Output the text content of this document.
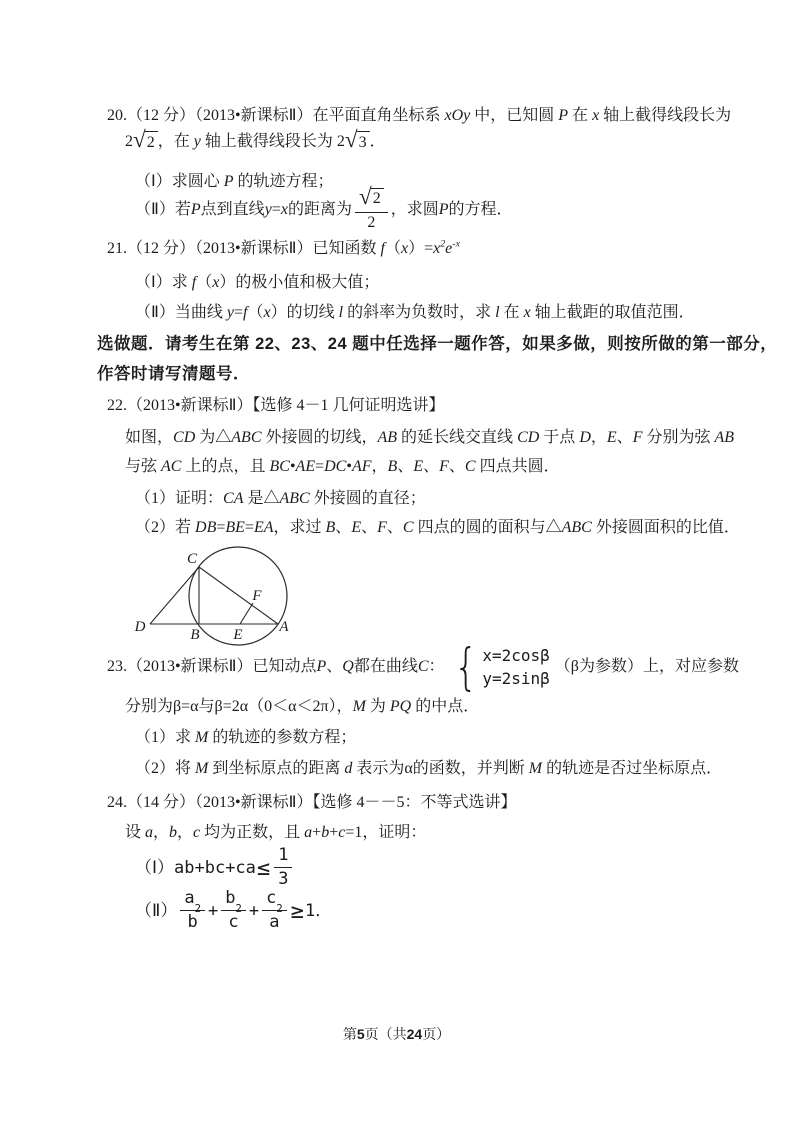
20.（12 分）（2013•新课标Ⅱ）在平面直角坐标系 xOy 中，已知圆 P 在 x 轴上截得线段长为
2 √ 2 ，在 y 轴上截得线段长为 2 √ 3 ．
（Ⅰ）求圆心 P 的轨迹方程；
（Ⅱ）若 P 点到直线 y = x 的距离为 $\frac{√ 2}{2}$ ，求圆 P 的方程．
21.（12 分）（2013•新课标Ⅱ）已知函数 $f(x)=x^2e^{-x}$
（Ⅰ）求 f（x）的极小值和极大值；
（Ⅱ）当曲线 y=f（x）的切线 l 的斜率为负数时，求 l 在 x 轴上截距的取值范围．
选做题．请考生在第 22、23、24 题中任选择一题作答，如果多做，则按所做的第一部分，
作答时请写清题号．
22.（2013•新课标Ⅱ）【选修 4－1 几何证明选讲】
如图，CD 为△ABC 外接圆的切线，AB 的延长线交直线 CD 于点 D，E、F 分别为弦 AB
与弦 AC 上的点，且 BC•AE=DC•AF，B、E、F、C 四点共圆．
（1）证明：CA 是△ABC 外接圆的直径；
（2）若 DB=BE=EA，求过 B、E、F、C 四点的圆的面积与△ABC 外接圆面积的比值．
C
D	B E A
F
23.（2013•新课标Ⅱ）已知动点 P 、 Q 都在曲线 C ： { x=2cosβ
y=2sinβ
（β为参数）上，对应参数
分别为β=α与β=2α（0＜α＜2π），M 为 PQ 的中点．
（1）求 M 的轨迹的参数方程；
（2）将 M 到坐标原点的距离 d 表示为α的函数，并判断 M 的轨迹是否过坐标原点．
24.（14 分）（2013•新课标Ⅱ）【选修 4－－5：不等式选讲】
设 a，b，c 均为正数，且 a+b+c=1，证明：
（Ⅰ） $ab+bc+ca \le \frac{1}{3}$
（Ⅱ） a
2
b + b
2
c + c
2
a ≥ 1 ．
第5页（共24页）
